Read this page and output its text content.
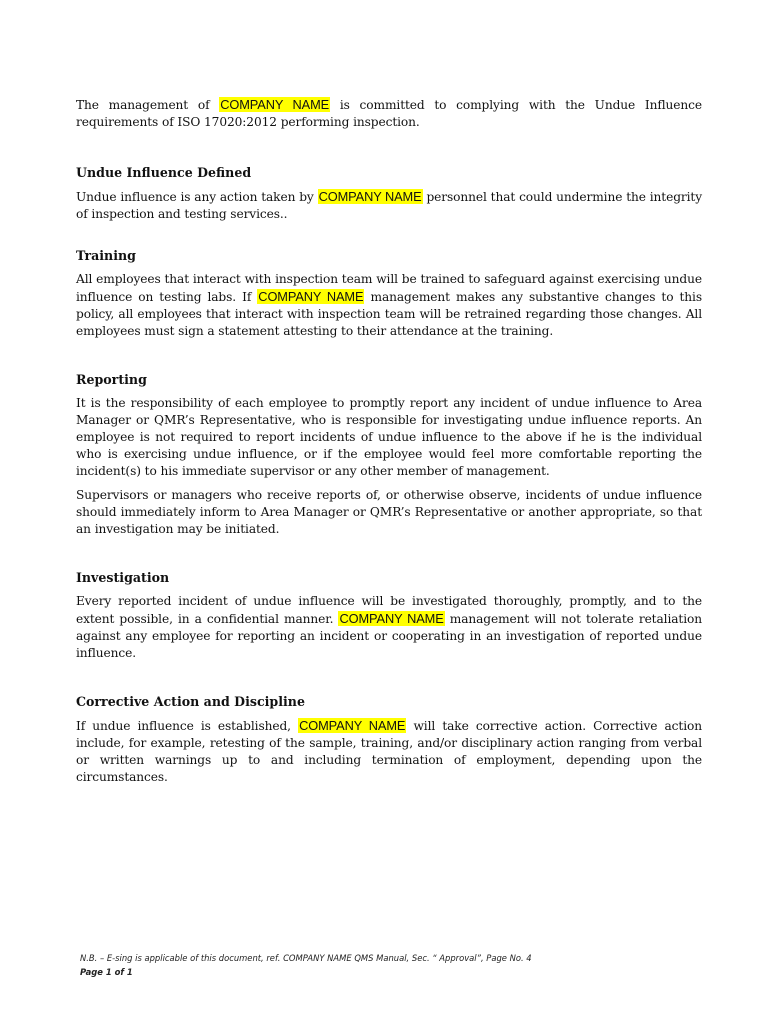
The management of COMPANY NAME is committed to complying with the Undue Influence requirements of ISO 17020:2012 performing inspection.

Undue Influence Defined

Undue influence is any action taken by COMPANY NAME personnel that could undermine the integrity of inspection and testing services..

Training

All employees that interact with inspection team will be trained to safeguard against exercising undue influence on testing labs. If COMPANY NAME management makes any substantive changes to this policy, all employees that interact with inspection team will be retrained regarding those changes. All employees must sign a statement attesting to their attendance at the training.

Reporting

It is the responsibility of each employee to promptly report any incident of undue influence to Area Manager or QMR’s Representative, who is responsible for investigating undue influence reports. An employee is not required to report incidents of undue influence to the above if he is the individual who is exercising undue influence, or if the employee would feel more comfortable reporting the incident(s) to his immediate supervisor or any other member of management.

Supervisors or managers who receive reports of, or otherwise observe, incidents of undue influence should immediately inform to Area Manager or QMR’s Representative or another appropriate, so that an investigation may be initiated.

Investigation

Every reported incident of undue influence will be investigated thoroughly, promptly, and to the extent possible, in a confidential manner. COMPANY NAME management will not tolerate retaliation against any employee for reporting an incident or cooperating in an investigation of reported undue influence.

Corrective Action and Discipline

If undue influence is established, COMPANY NAME will take corrective action. Corrective action include, for example, retesting of the sample, training, and/or disciplinary action ranging from verbal or written warnings up to and including termination of employment, depending upon the circumstances.

N.B. – E-sing is applicable of this document, ref. COMPANY NAME QMS Manual, Sec. “ Approval”, Page No. 4
Page 1 of 1
